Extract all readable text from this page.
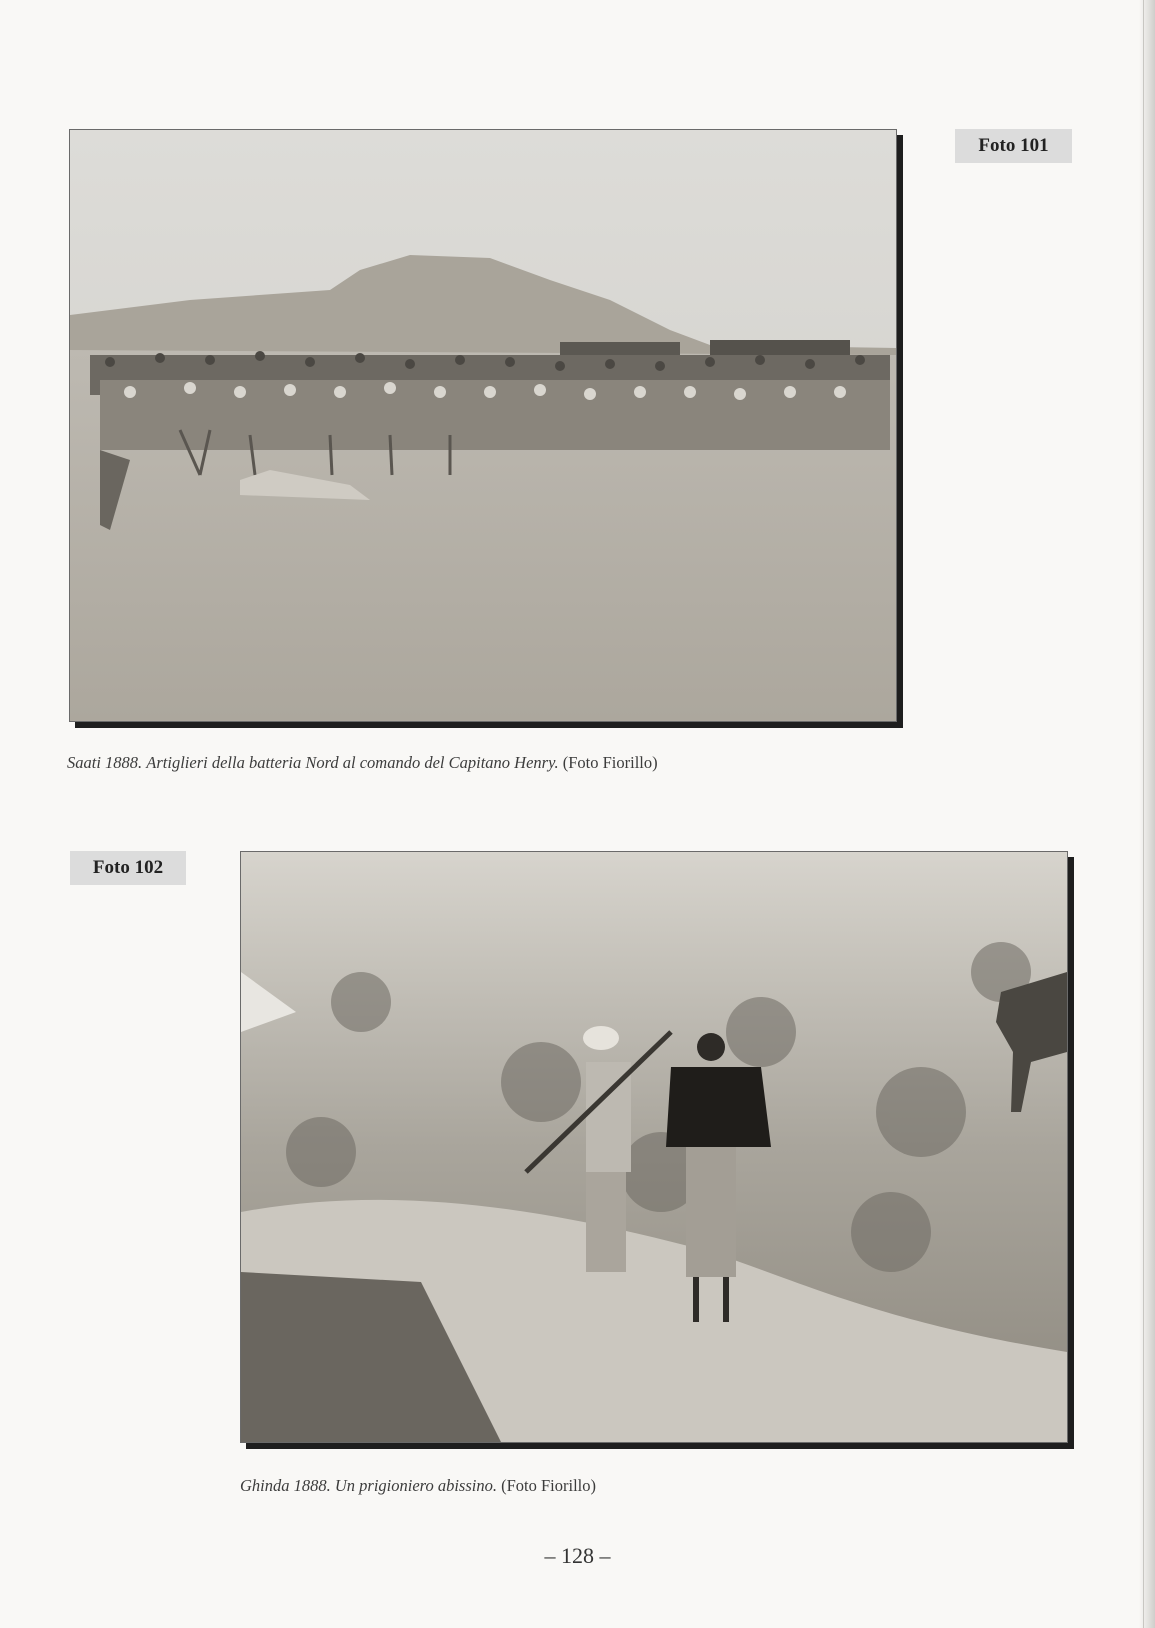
Foto 101
Saati 1888. Artiglieri della batteria Nord al comando del Capitano Henry. (Foto Fiorillo)
Foto 102
Ghinda 1888. Un prigioniero abissino. (Foto Fiorillo)
– 128 –
